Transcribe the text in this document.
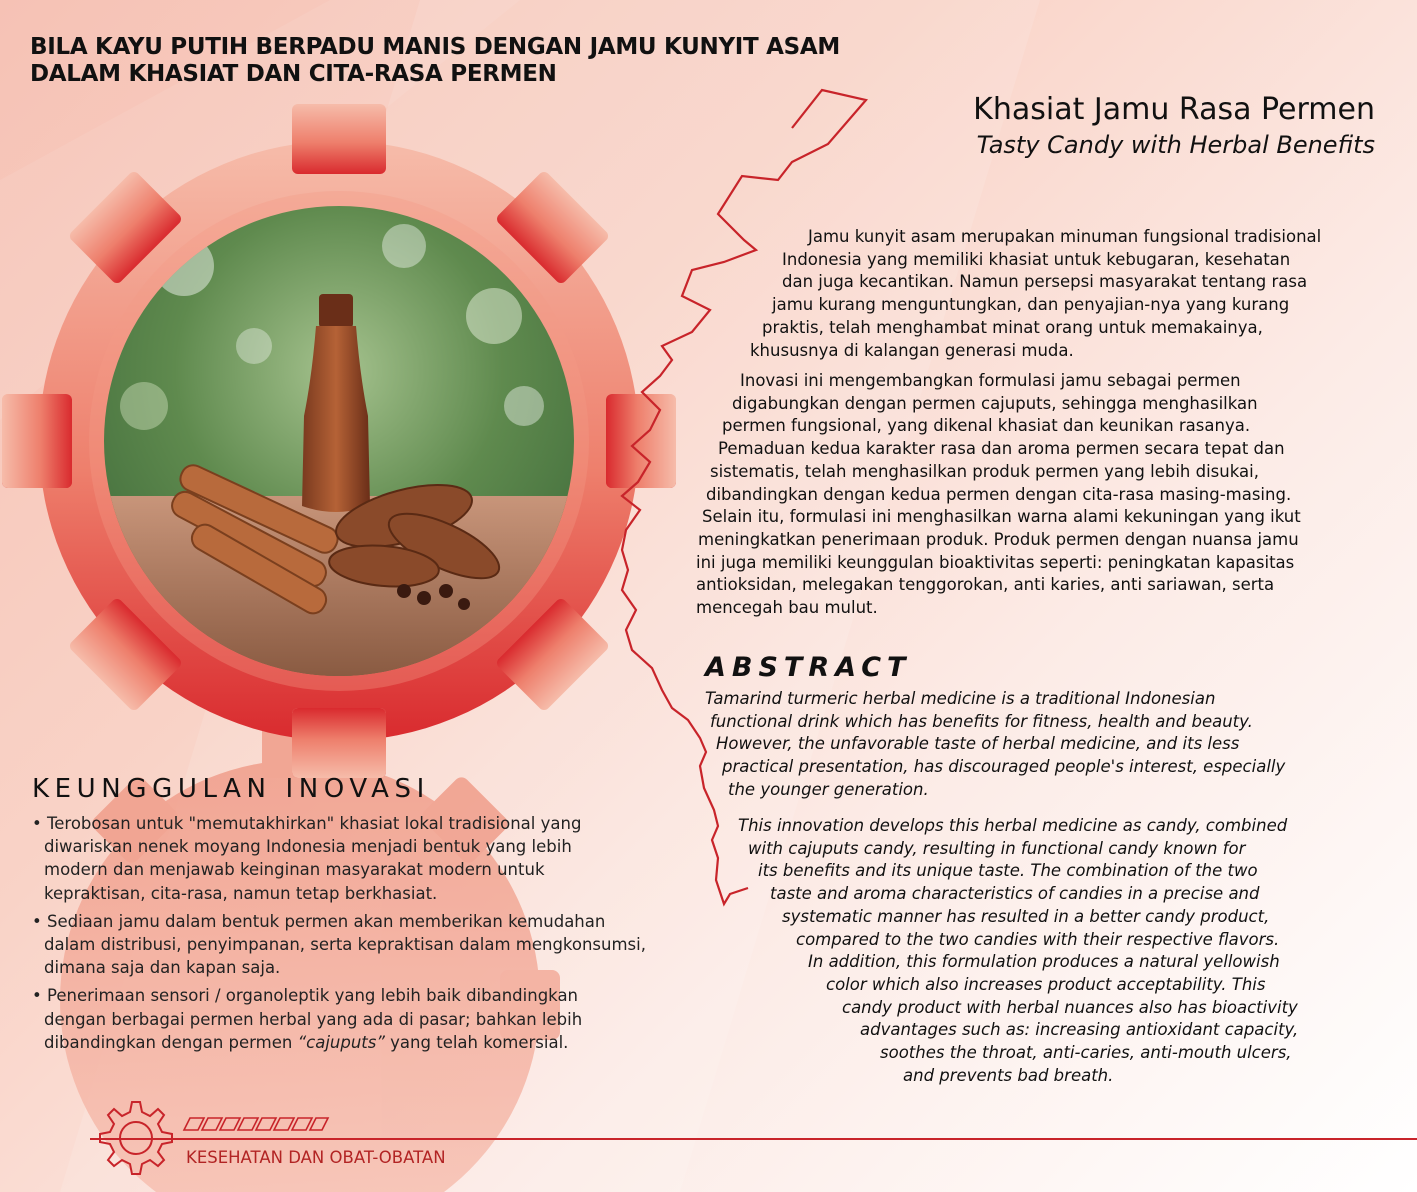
BILA KAYU PUTIH BERPADU MANIS DENGAN JAMU KUNYIT ASAM
DALAM KHASIAT DAN CITA-RASA PERMEN
Khasiat Jamu Rasa Permen
Tasty Candy with Herbal Benefits

Jamu kunyit asam merupakan minuman fungsional tradisional
Indonesia yang memiliki khasiat untuk kebugaran, kesehatan
dan juga kecantikan. Namun persepsi masyarakat tentang rasa
jamu kurang menguntungkan, dan penyajian-nya yang kurang
praktis, telah menghambat minat orang untuk memakainya,
khususnya di kalangan generasi muda.

Inovasi ini mengembangkan formulasi jamu sebagai permen
digabungkan dengan permen cajuputs, sehingga menghasilkan
permen fungsional, yang dikenal khasiat dan keunikan rasanya.
Pemaduan kedua karakter rasa dan aroma permen secara tepat dan
sistematis, telah menghasilkan produk permen yang lebih disukai,
dibandingkan dengan kedua permen dengan cita-rasa masing-masing.
Selain itu, formulasi ini menghasilkan warna alami kekuningan yang ikut
meningkatkan penerimaan produk. Produk permen dengan nuansa jamu
ini juga memiliki keunggulan bioaktivitas seperti: peningkatan kapasitas
antioksidan, melegakan tenggorokan, anti karies, anti sariawan, serta
mencegah bau mulut.

ABSTRACT

Tamarind turmeric herbal medicine is a traditional Indonesian
functional drink which has benefits for fitness, health and beauty.
However, the unfavorable taste of herbal medicine, and its less
practical presentation, has discouraged people's interest, especially
the younger generation.

This innovation develops this herbal medicine as candy, combined
with cajuputs candy, resulting in functional candy known for
its benefits and its unique taste. The combination of the two
taste and aroma characteristics of candies in a precise and
systematic manner has resulted in a better candy product,
compared to the two candies with their respective flavors.
In addition, this formulation produces a natural yellowish
color which also increases product acceptability. This
candy product with herbal nuances also has bioactivity
advantages such as: increasing antioxidant capacity,
soothes the throat, anti-caries, anti-mouth ulcers,
and prevents bad breath.

KEUNGGULAN INOVASI
• Terobosan untuk "memutakhirkan" khasiat lokal tradisional yang
diwariskan nenek moyang Indonesia menjadi bentuk yang lebih
modern dan menjawab keinginan masyarakat modern untuk
kepraktisan, cita-rasa, namun tetap berkhasiat.
• Sediaan jamu dalam bentuk permen akan memberikan kemudahan
dalam distribusi, penyimpanan, serta kepraktisan dalam mengkonsumsi,
dimana saja dan kapan saja.
• Penerimaan sensori / organoleptik yang lebih baik dibandingkan
dengan berbagai permen herbal yang ada di pasar; bahkan lebih
dibandingkan dengan permen “cajuputs” yang telah komersial.
KESEHATAN DAN OBAT-OBATAN
